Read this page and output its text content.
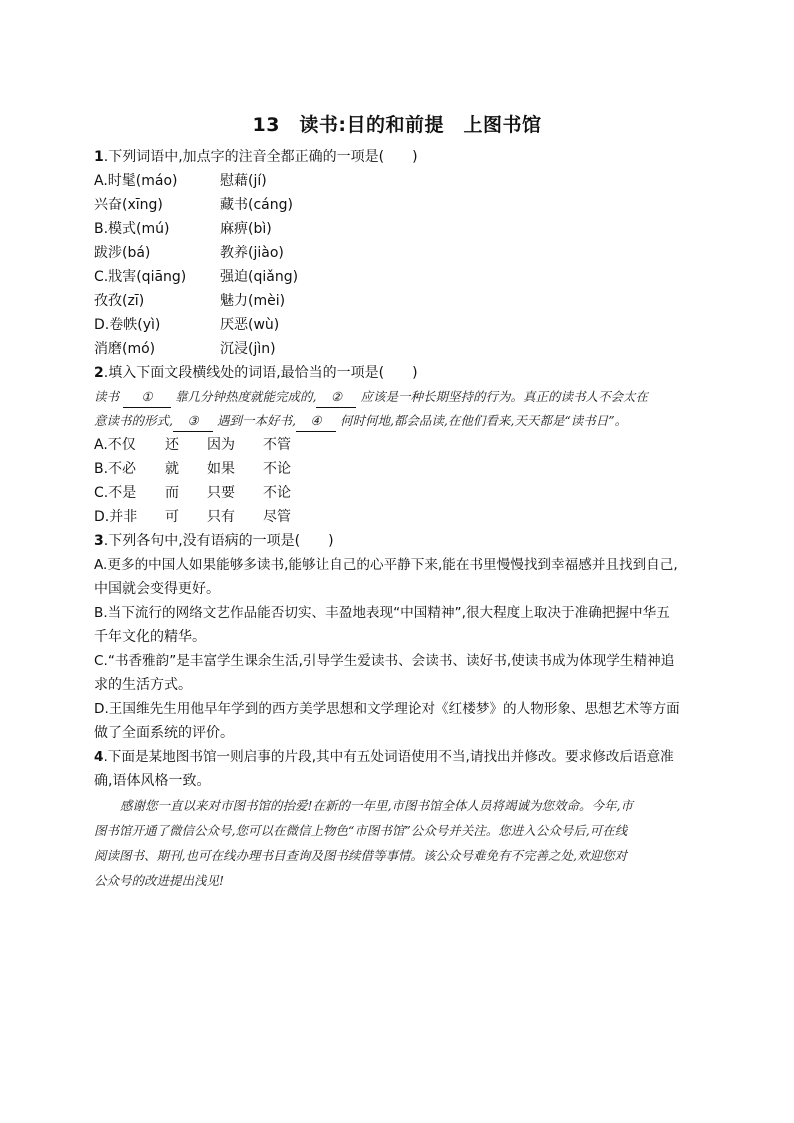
13　读书:目的和前提　上图书馆
1.下列词语中,加点字的注音全都正确的一项是(　　)
A.时髦(máo)	慰藉(jí)
兴奋(xīng)	藏书(cáng)
B.模式(mú)	麻痹(bì)
跋涉(bá)	教养(jiào)
C.戕害(qiāng) 强迫(qiǎng)
孜孜(zī)	魅力(mèi)
D.卷帙(yì)	厌恶(wù)
消磨(mó)	沉浸(jìn)
2.填入下面文段横线处的词语,最恰当的一项是(　　)
读书 ① 靠几分钟热度就能完成的, ② 应该是一种长期坚持的行为。真正的读书人不会太在
意读书的形式, ③ 遇到一本好书, ④ 何时何地,都会品读,在他们看来,天天都是“读书日”。
A.不仅 还 因为 不管
B.不必 就 如果 不论
C.不是 而 只要 不论
D.并非 可 只有 尽管
3.下列各句中,没有语病的一项是(　　)
A.更多的中国人如果能够多读书,能够让自己的心平静下来,能在书里慢慢找到幸福感并且找到自己,
中国就会变得更好。
B.当下流行的网络文艺作品能否切实、丰盈地表现“中国精神”,很大程度上取决于准确把握中华五
千年文化的精华。
C.“书香雅韵”是丰富学生课余生活,引导学生爱读书、会读书、读好书,使读书成为体现学生精神追
求的生活方式。
D.王国维先生用他早年学到的西方美学思想和文学理论对《红楼梦》的人物形象、思想艺术等方面
做了全面系统的评价。
4.下面是某地图书馆一则启事的片段,其中有五处词语使用不当,请找出并修改。要求修改后语意准
确,语体风格一致。
感谢您一直以来对市图书馆的抬爱!在新的一年里,市图书馆全体人员将竭诚为您效命。今年,市
图书馆开通了微信公众号,您可以在微信上物色“市图书馆”公众号并关注。您进入公众号后,可在线
阅读图书、期刊,也可在线办理书目查询及图书续借等事情。该公众号难免有不完善之处,欢迎您对
公众号的改进提出浅见!
